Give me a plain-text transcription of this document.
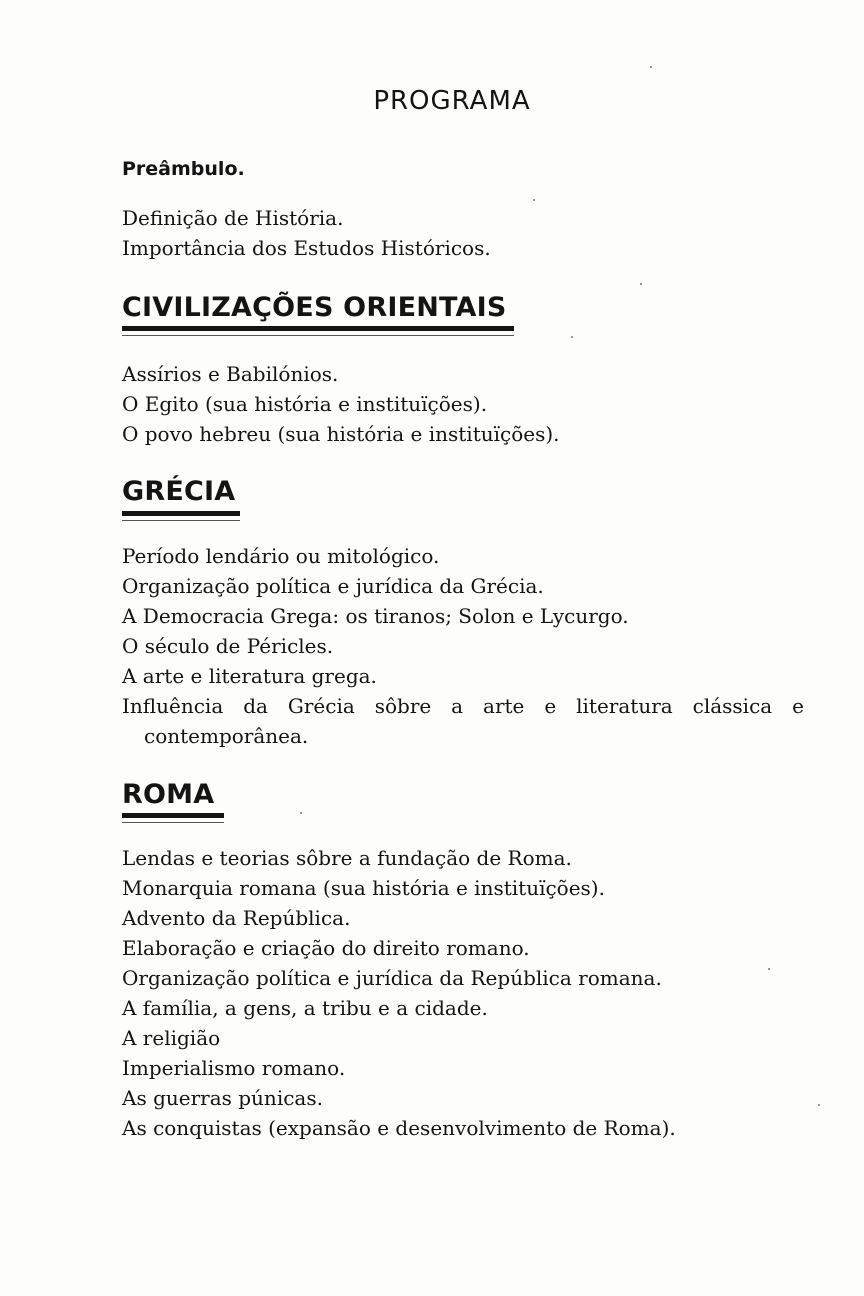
PROGRAMA
Preâmbulo.
Definição de História.
Importância dos Estudos Históricos.
CIVILIZAÇÕES ORIENTAIS
Assírios e Babilónios.
O Egito (sua história e instituïções).
O povo hebreu (sua história e instituïções).
GRÉCIA
Período lendário ou mitológico.
Organização política e jurídica da Grécia.
A Democracia Grega: os tiranos; Solon e Lycurgo.
O século de Péricles.
A arte e literatura grega.
Influência da Grécia sôbre a arte e literatura clássica e contemporânea.
ROMA
Lendas e teorias sôbre a fundação de Roma.
Monarquia romana (sua história e instituïções).
Advento da República.
Elaboração e criação do direito romano.
Organização política e jurídica da República romana.
A família, a gens, a tribu e a cidade.
A religião
Imperialismo romano.
As guerras púnicas.
As conquistas (expansão e desenvolvimento de Roma).
